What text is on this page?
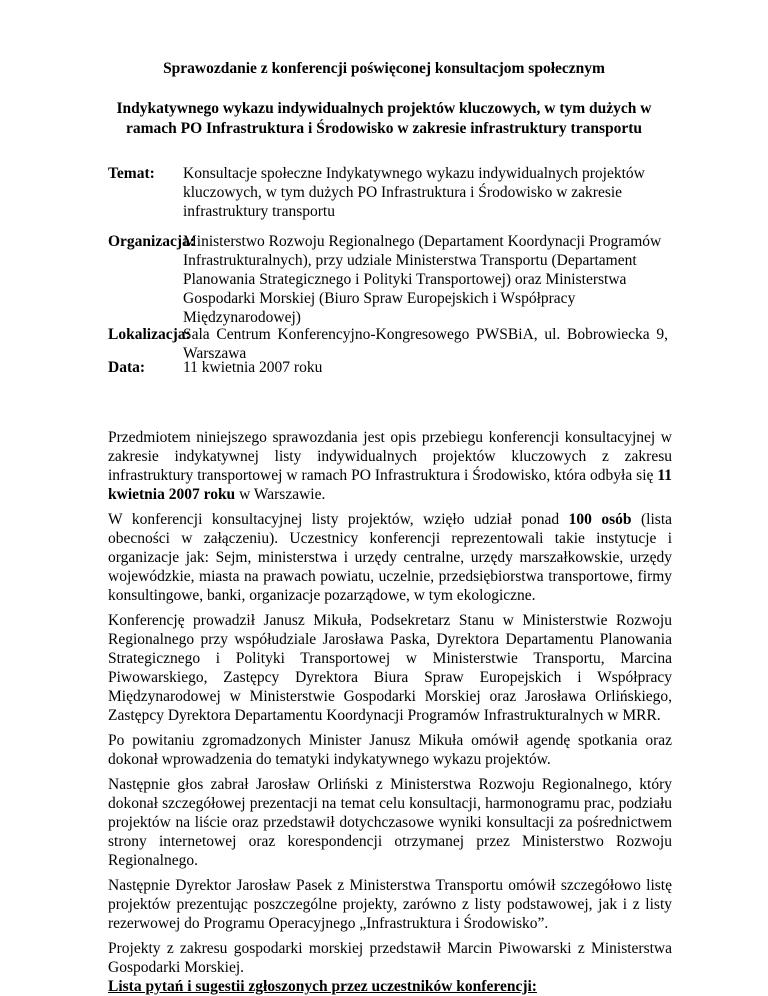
Sprawozdanie z konferencji poświęconej konsultacjom społecznym
Indykatywnego wykazu indywidualnych projektów kluczowych, w tym dużych w ramach PO Infrastruktura i Środowisko w zakresie infrastruktury transportu
Temat: Konsultacje społeczne Indykatywnego wykazu indywidualnych projektów kluczowych, w tym dużych PO Infrastruktura i Środowisko w zakresie infrastruktury transportu
Organizacja:
Ministerstwo Rozwoju Regionalnego (Departament Koordynacji Programów Infrastrukturalnych), przy udziale Ministerstwa Transportu (Departament Planowania Strategicznego i Polityki Transportowej) oraz Ministerstwa Gospodarki Morskiej (Biuro Spraw Europejskich i Współpracy Międzynarodowej)
Lokalizacja:
Sala Centrum Konferencyjno-Kongresowego PWSBiA, ul. Bobrowiecka 9, Warszawa
Data: 11 kwietnia 2007 roku

Przedmiotem niniejszego sprawozdania jest opis przebiegu konferencji konsultacyjnej w zakresie indykatywnej listy indywidualnych projektów kluczowych z zakresu infrastruktury transportowej w ramach PO Infrastruktura i Środowisko, która odbyła się 11 kwietnia 2007 roku w Warszawie.

W konferencji konsultacyjnej listy projektów, wzięło udział ponad 100 osób (lista obecności w załączeniu). Uczestnicy konferencji reprezentowali takie instytucje i organizacje jak: Sejm, ministerstwa i urzędy centralne, urzędy marszałkowskie, urzędy wojewódzkie, miasta na prawach powiatu, uczelnie, przedsiębiorstwa transportowe, firmy konsultingowe, banki, organizacje pozarządowe, w tym ekologiczne.

Konferencję prowadził Janusz Mikuła, Podsekretarz Stanu w Ministerstwie Rozwoju Regionalnego przy współudziale Jarosława Paska, Dyrektora Departamentu Planowania Strategicznego i Polityki Transportowej w Ministerstwie Transportu, Marcina Piwowarskiego, Zastępcy Dyrektora Biura Spraw Europejskich i Współpracy Międzynarodowej w Ministerstwie Gospodarki Morskiej oraz Jarosława Orlińskiego, Zastępcy Dyrektora Departamentu Koordynacji Programów Infrastrukturalnych w MRR.

Po powitaniu zgromadzonych Minister Janusz Mikuła omówił agendę spotkania oraz dokonał wprowadzenia do tematyki indykatywnego wykazu projektów.

Następnie głos zabrał Jarosław Orliński z Ministerstwa Rozwoju Regionalnego, który dokonał szczegółowej prezentacji na temat celu konsultacji, harmonogramu prac, podziału projektów na liście oraz przedstawił dotychczasowe wyniki konsultacji za pośrednictwem strony internetowej oraz korespondencji otrzymanej przez Ministerstwo Rozwoju Regionalnego.

Następnie Dyrektor Jarosław Pasek z Ministerstwa Transportu omówił szczegółowo listę projektów prezentując poszczególne projekty, zarówno z listy podstawowej, jak i z listy rezerwowej do Programu Operacyjnego „Infrastruktura i Środowisko”.

Projekty z zakresu gospodarki morskiej przedstawił Marcin Piwowarski z Ministerstwa Gospodarki Morskiej.

Lista pytań i sugestii zgłoszonych przez uczestników konferencji:
